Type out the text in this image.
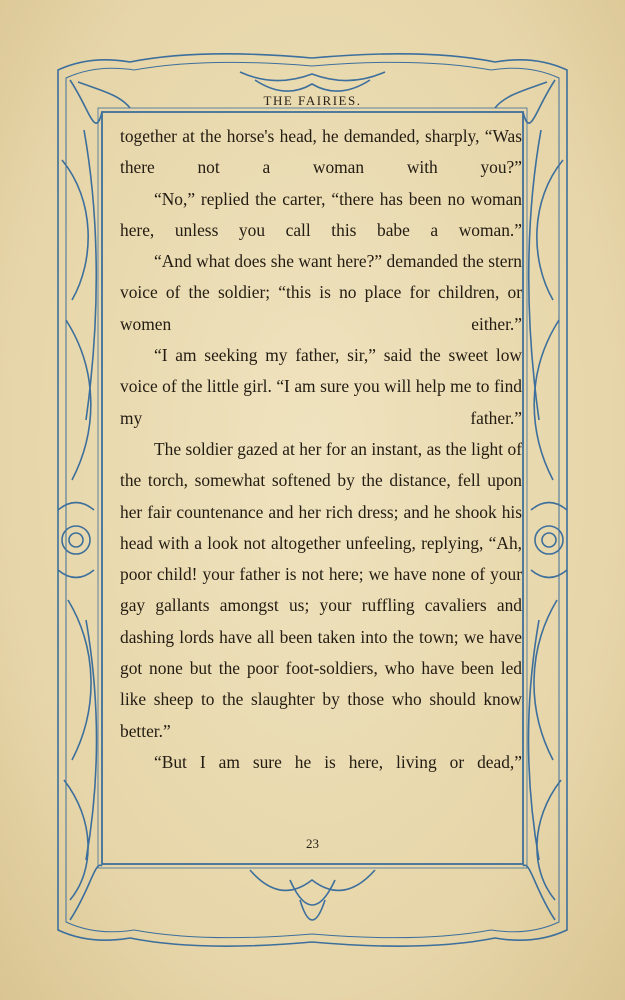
THE FAIRIES.

together at the horse's head, he demanded, sharply, “Was there not a woman with you?”

“No,” replied the carter, “there has been no woman here, unless you call this babe a woman.”

“And what does she want here?” demanded the stern voice of the soldier; “this is no place for children, or women either.”

“I am seeking my father, sir,” said the sweet low voice of the little girl. “I am sure you will help me to find my father.”

The soldier gazed at her for an instant, as the light of the torch, somewhat softened by the distance, fell upon her fair countenance and her rich dress; and he shook his head with a look not altogether unfeeling, replying, “Ah, poor child! your father is not here; we have none of your gay gallants amongst us; your ruffling cavaliers and dashing lords have all been taken into the town; we have got none but the poor foot-soldiers, who have been led like sheep to the slaughter by those who should know better.”

“But I am sure he is here, living or dead,”

23
